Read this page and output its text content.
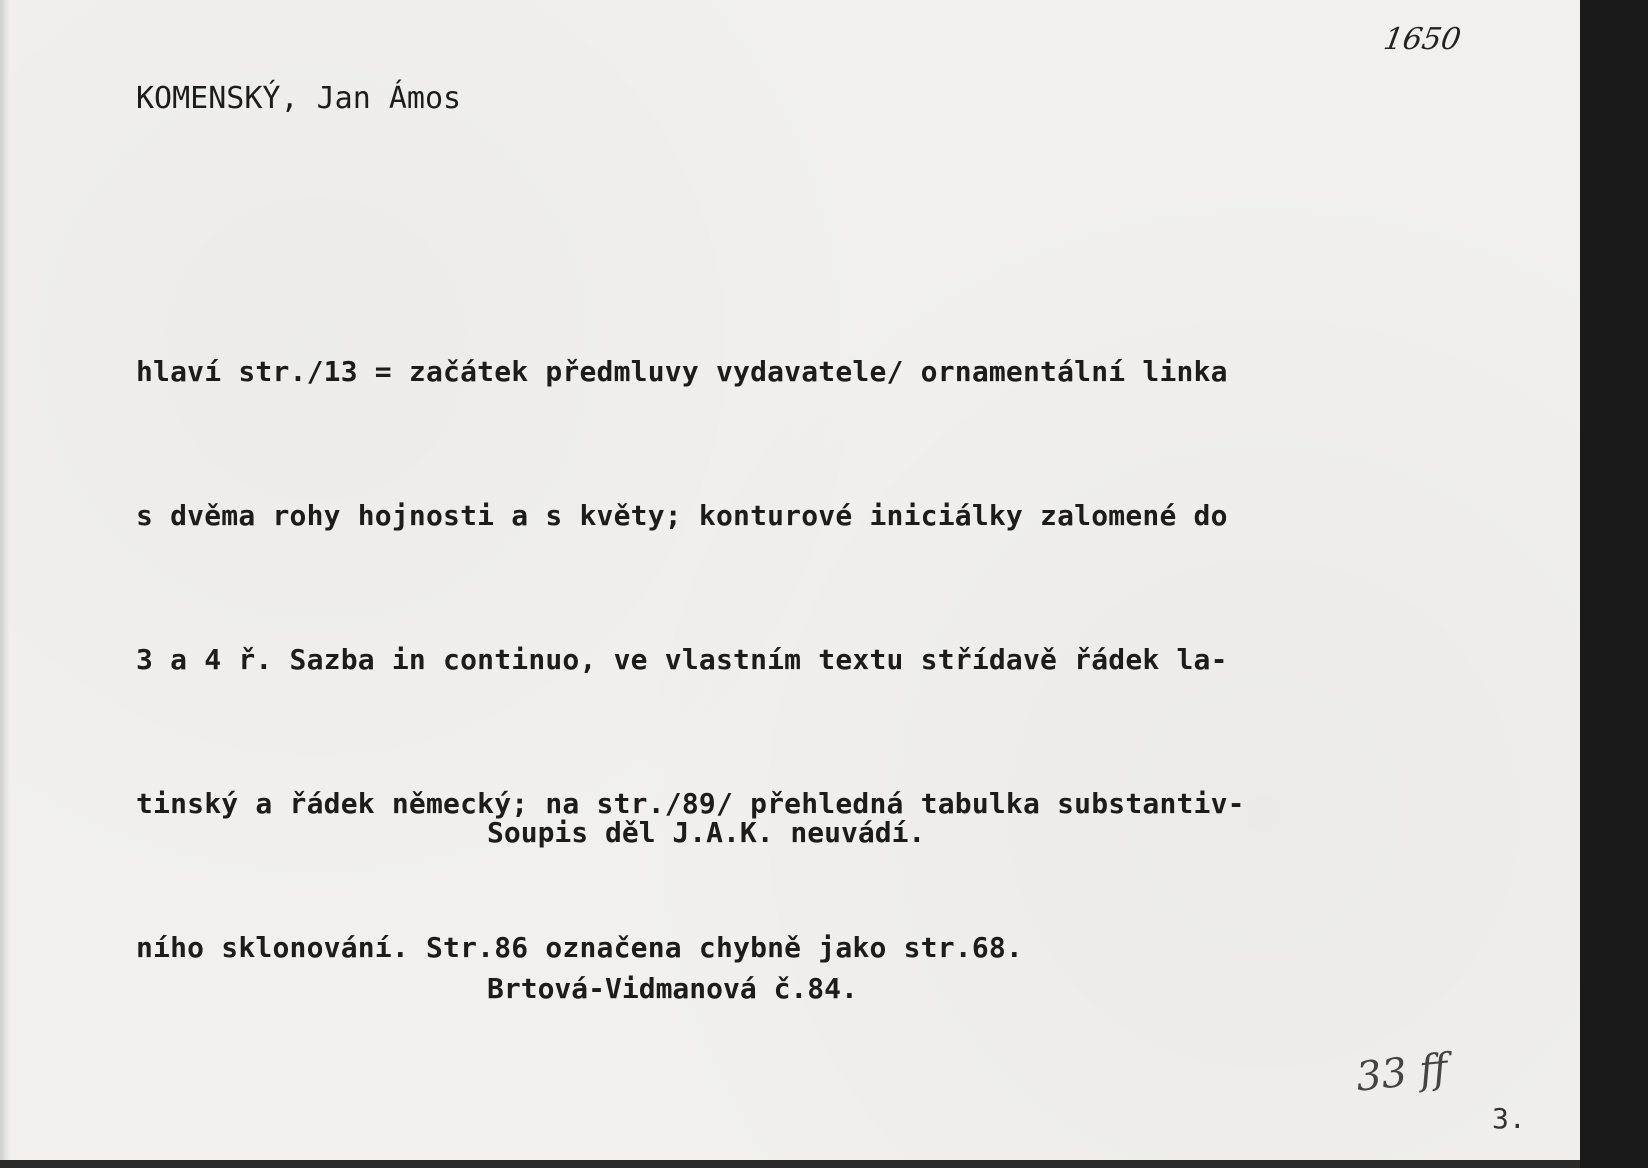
1650
KOMENSKÝ, Jan Ámos

hlaví str./13 = začátek předmluvy vydavatele/ ornamentální linka

s dvěma rohy hojnosti a s květy; konturové iniciálky zalomené do

3 a 4 ř. Sazba in continuo, ve vlastním textu střídavě řádek la-

tinský a řádek německý; na str./89/ přehledná tabulka substantiv-

ního sklonování. Str.86 označena chybně jako str.68.

Soupis děl J.A.K. neuvádí.

Brtová-Vidmanová č.84.

33 ff
3.
